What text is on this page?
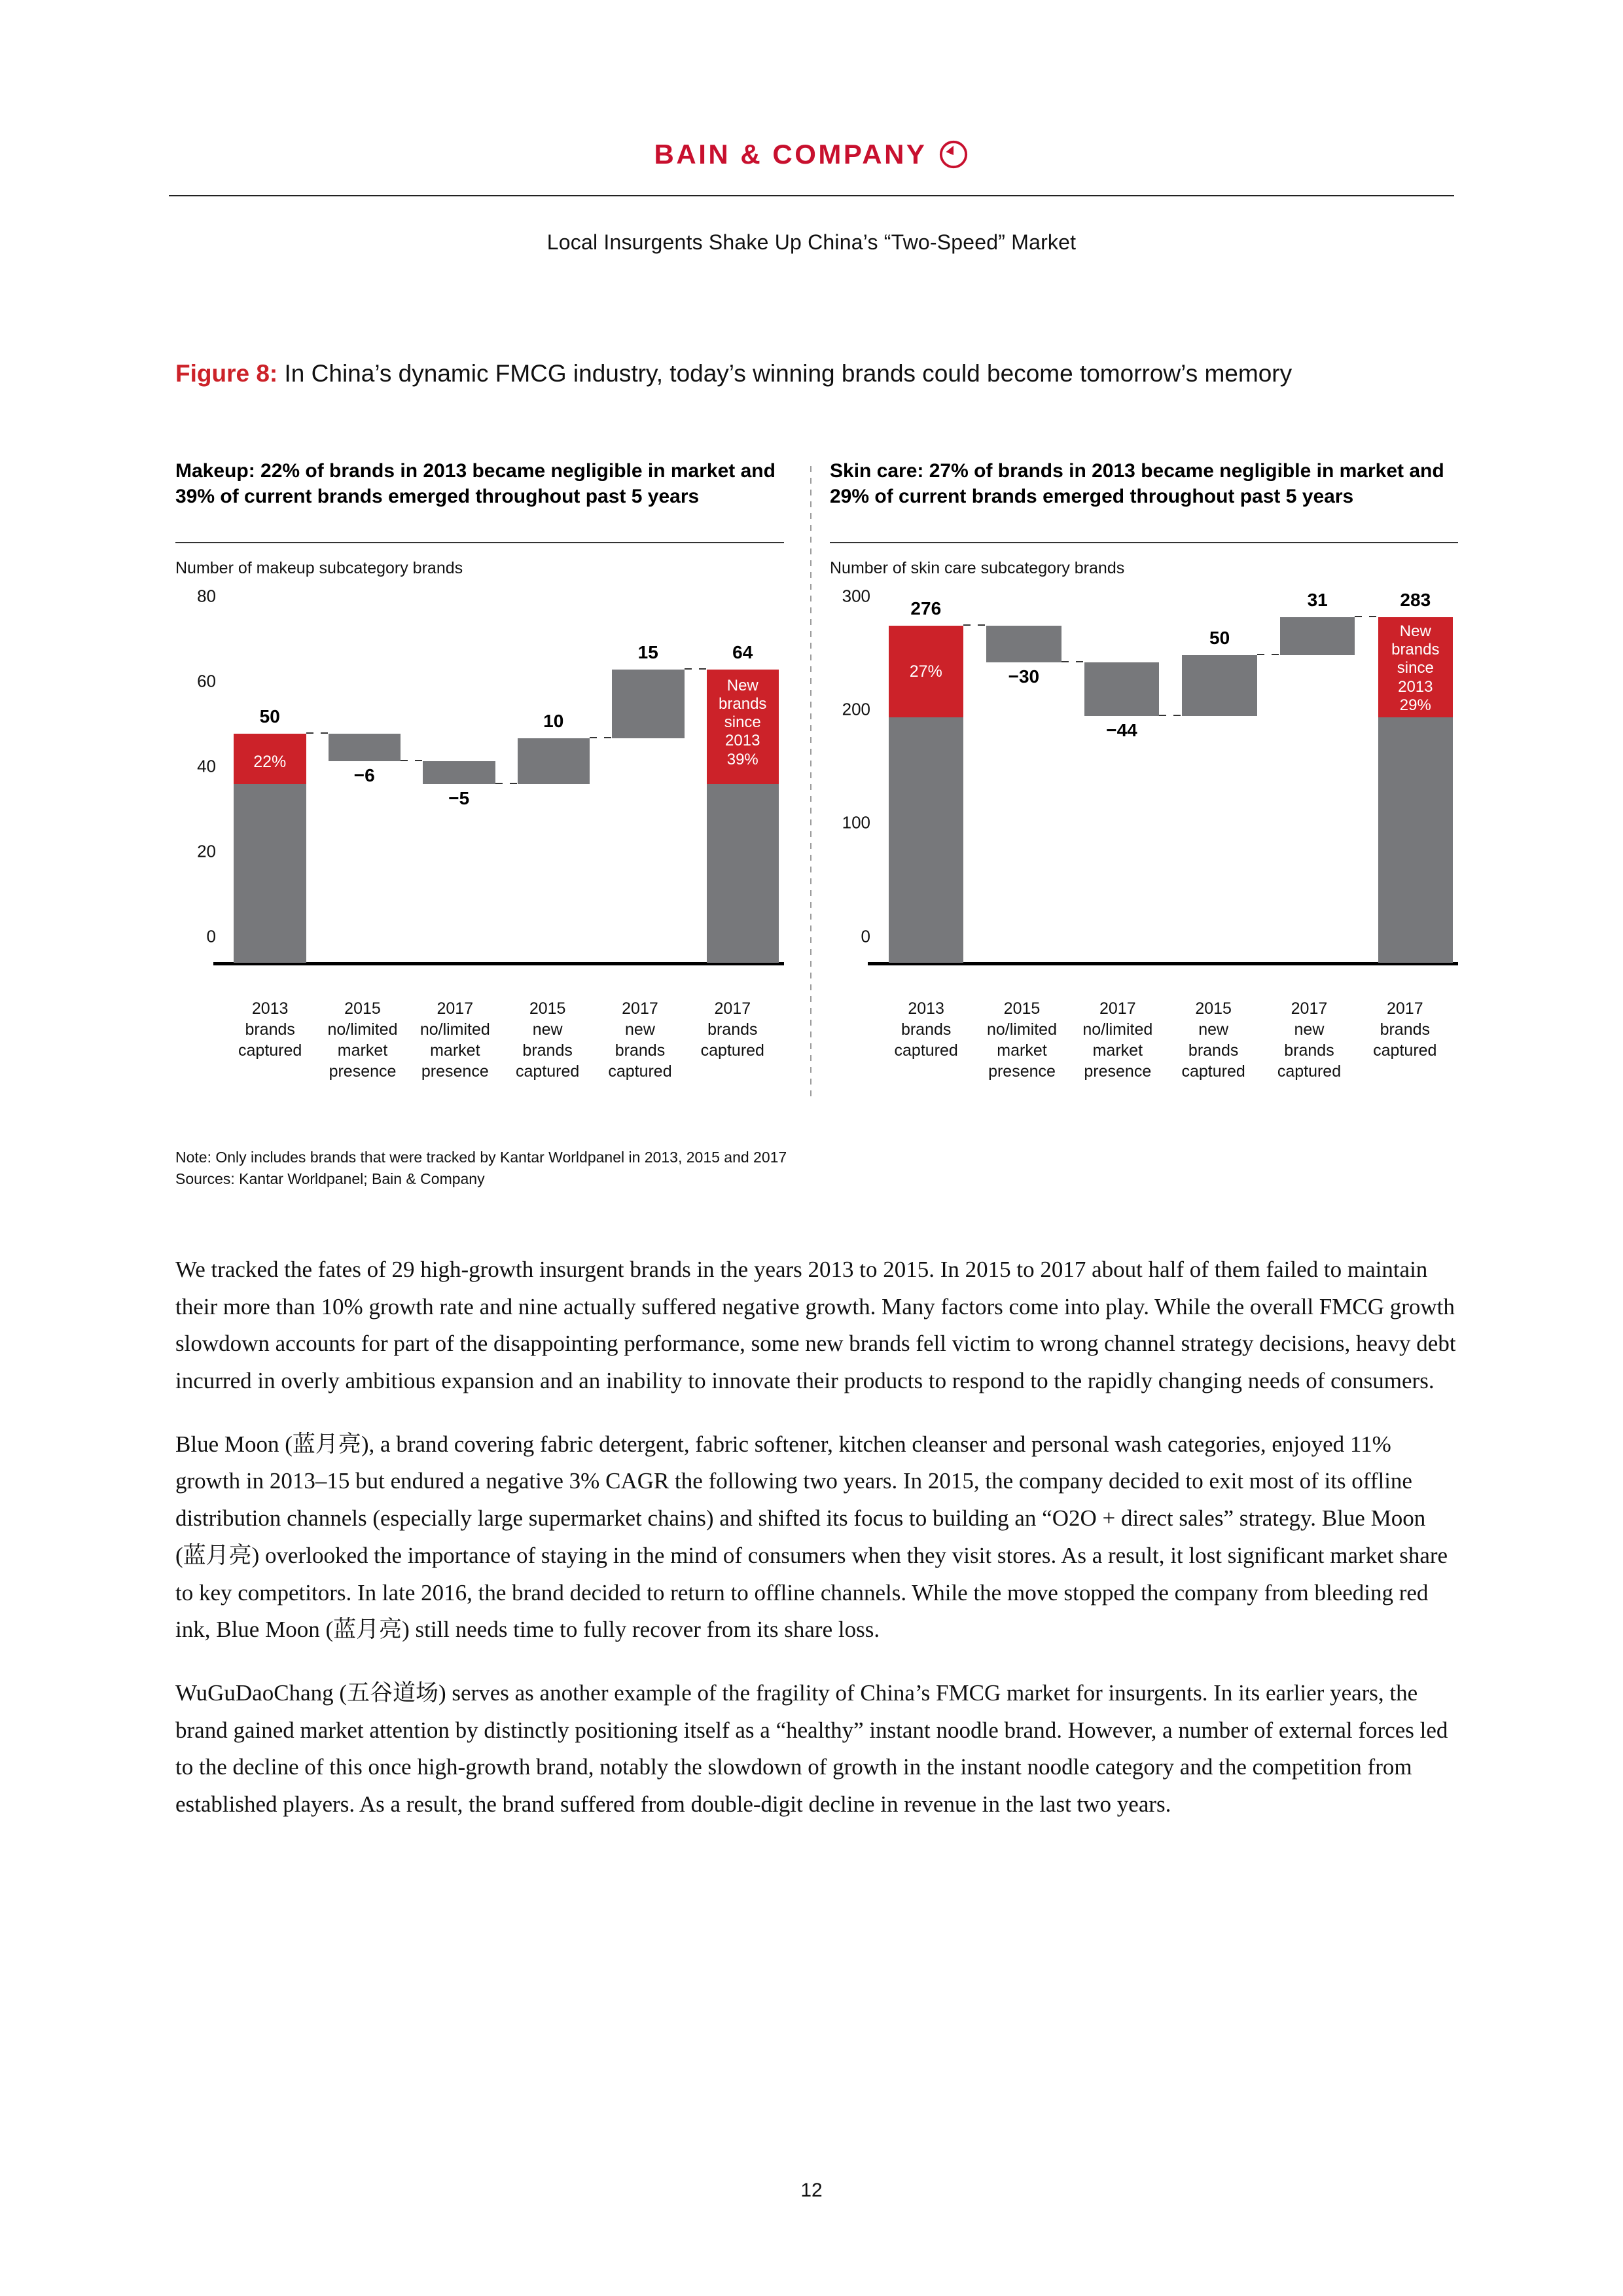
BAIN & COMPANY
Local Insurgents Shake Up China’s “Two-Speed” Market
Figure 8: In China’s dynamic FMCG industry, today’s winning brands could become tomorrow’s memory
Makeup: 22% of brands in 2013 became negligible in market and 39% of current brands emerged throughout past 5 years
Number of makeup subcategory brands
80
60
40
20
0
22%
50
−6
−5
10
15
New
brands
since
2013
39%
64
2013
brands
captured
2015
no/limited
market
presence
2017
no/limited
market
presence
2015
new
brands
captured
2017
new
brands
captured
2017
brands
captured
Skin care: 27% of brands in 2013 became negligible in market and 29% of current brands emerged throughout past 5 years
Number of skin care subcategory brands
300
200
100
0
27%
276
−30
−44
50
31
New
brands
since
2013
29%
283
2013
brands
captured
2015
no/limited
market
presence
2017
no/limited
market
presence
2015
new
brands
captured
2017
new
brands
captured
2017
brands
captured
Note: Only includes brands that were tracked by Kantar Worldpanel in 2013, 2015 and 2017
Sources: Kantar Worldpanel; Bain & Company

We tracked the fates of 29 high-growth insurgent brands in the years 2013 to 2015. In 2015 to 2017 about half of them failed to maintain their more than 10% growth rate and nine actually suffered negative growth. Many factors come into play. While the overall FMCG growth slowdown accounts for part of the disappointing performance, some new brands fell victim to wrong channel strategy decisions, heavy debt incurred in overly ambitious expansion and an inability to innovate their products to respond to the rapidly changing needs of consumers.

Blue Moon (蓝月亮), a brand covering fabric detergent, fabric softener, kitchen cleanser and personal wash categories, enjoyed 11% growth in 2013–15 but endured a negative 3% CAGR the following two years. In 2015, the company decided to exit most of its offline distribution channels (especially large supermarket chains) and shifted its focus to building an “O2O + direct sales” strategy. Blue Moon (蓝月亮) overlooked the importance of staying in the mind of consumers when they visit stores. As a result, it lost significant market share to key competitors. In late 2016, the brand decided to return to offline channels. While the move stopped the company from bleeding red ink, Blue Moon (蓝月亮) still needs time to fully recover from its share loss.

WuGuDaoChang (五谷道场) serves as another example of the fragility of China’s FMCG market for insurgents. In its earlier years, the brand gained market attention by distinctly positioning itself as a “healthy” instant noodle brand. However, a number of external forces led to the decline of this once high-growth brand, notably the slowdown of growth in the instant noodle category and the competition from established players. As a result, the brand suffered from double-digit decline in revenue in the last two years.

12
